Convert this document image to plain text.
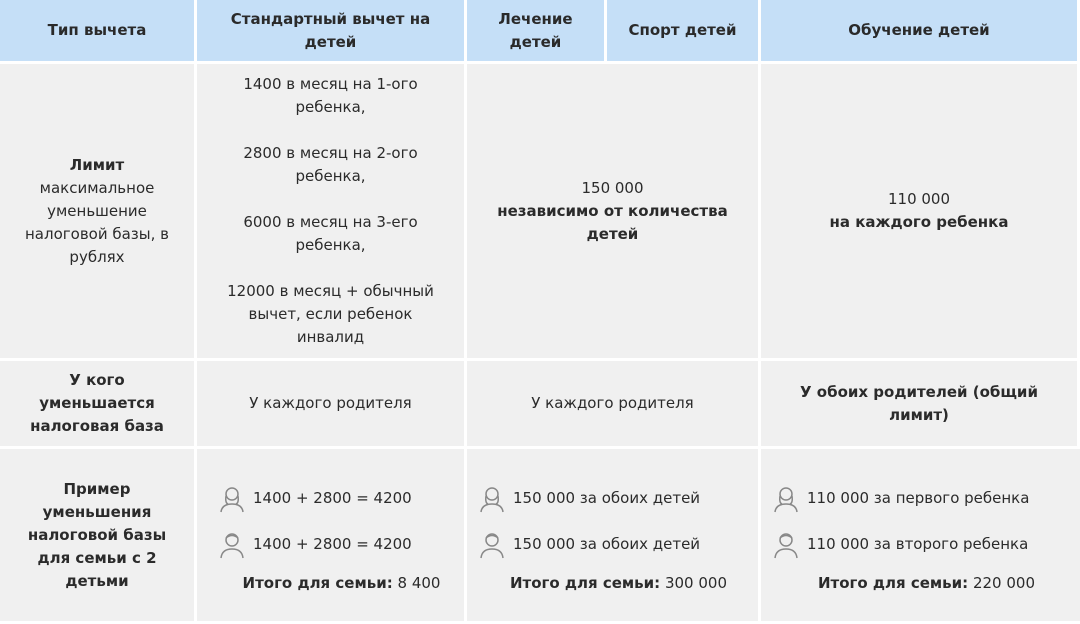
Тип вычета
Стандартный вычет на детей
Лечение детей
Спорт детей	Обучение детей
Лимит
максимальное уменьшение налоговой базы, в рублях
1400 в месяц на 1-ого ребенка,
2800 в месяц на 2-ого ребенка,
6000 в месяц на 3-его ребенка,
12000 в месяц + обычный вычет, если ребенок инвалид
150 000
независимо от количества детей
110 000
на каждого ребенка
У кого уменьшается налоговая база
У каждого родителя	У каждого родителя
У обоих родителей (общий лимит)
Пример уменьшения налоговой базы для семьи с 2 детьми
1400 + 2800 = 4200
1400 + 2800 = 4200
Итого для семьи: 8 400
150 000 за обоих детей
150 000 за обоих детей
Итого для семьи: 300 000
110 000 за первого ребенка
110 000 за второго ребенка
Итого для семьи: 220 000
